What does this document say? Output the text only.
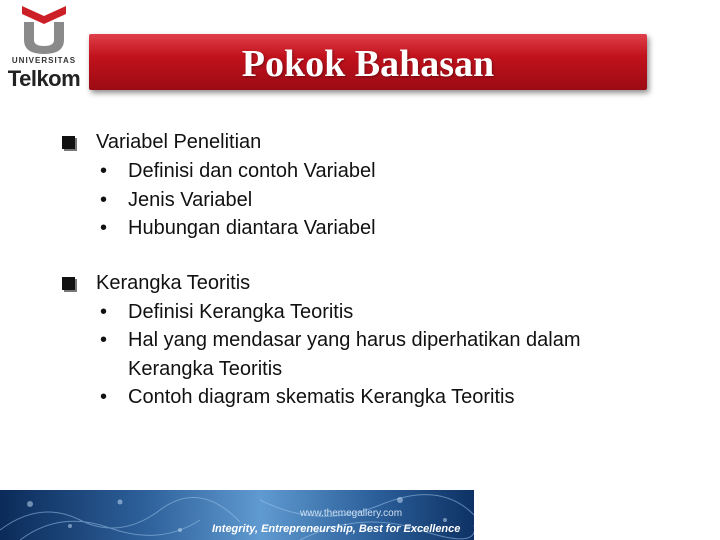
UNIVERSITAS
Telkom	Pokok Bahasan
Variabel Penelitian
• Definisi dan contoh Variabel
• Jenis Variabel
• Hubungan diantara Variabel
Kerangka Teoritis
• Definisi Kerangka Teoritis
• Hal yang mendasar yang harus diperhatikan dalam
Kerangka Teoritis
• Contoh diagram skematis Kerangka Teoritis
www.themegallery.com
Integrity, Entrepreneurship, Best for Excellence
